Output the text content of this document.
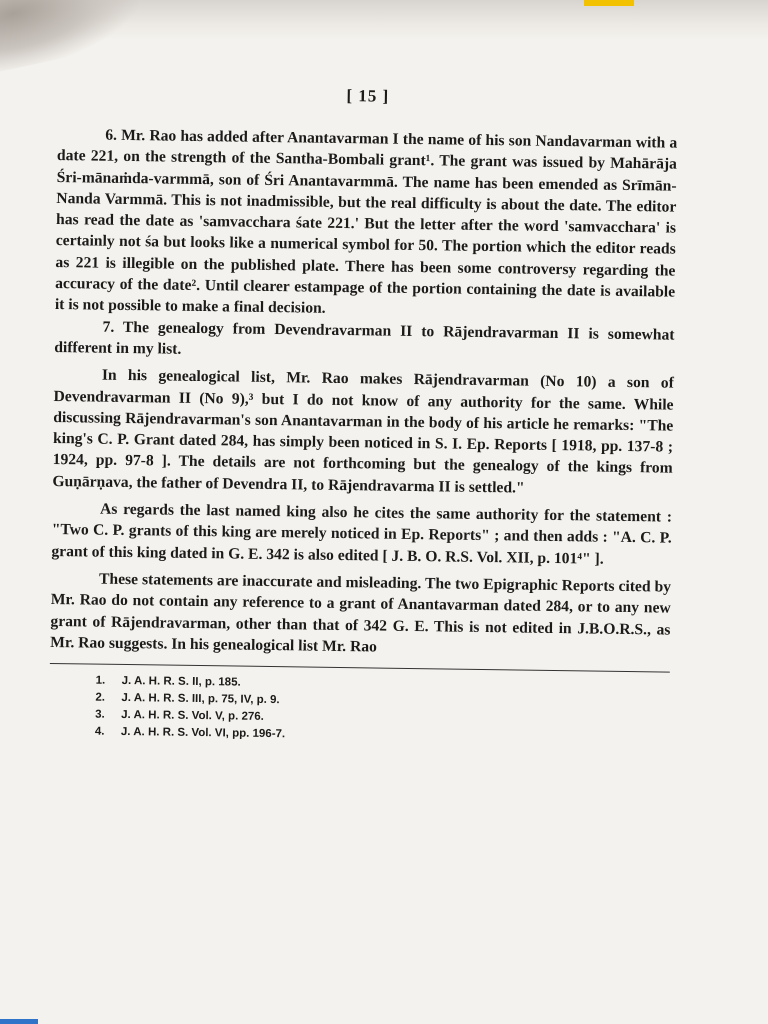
[ 15 ]

6. Mr. Rao has added after Anantavarman I the name of his son Nandavarman with a date 221, on the strength of the Santha-Bombali grant¹. The grant was issued by Mahārāja Śri-mānaṁda-varmmā, son of Śri Anantavarmmā. The name has been emended as Srīmān-Nanda Varmmā. This is not inadmissible, but the real difficulty is about the date. The editor has read the date as 'samvacchara śate 221.' But the letter after the word 'samvacchara' is certainly not śa but looks like a numerical symbol for 50. The portion which the editor reads as 221 is illegible on the published plate. There has been some controversy regarding the accuracy of the date². Until clearer estampage of the portion containing the date is available it is not possible to make a final decision.

7. The genealogy from Devendravarman II to Rājendravarman II is somewhat different in my list.

In his genealogical list, Mr. Rao makes Rājendravarman (No 10) a son of Devendravarman II (No 9),³ but I do not know of any authority for the same. While discussing Rājendravarman's son Anantavarman in the body of his article he remarks: "The king's C. P. Grant dated 284, has simply been noticed in S. I. Ep. Reports [ 1918, pp. 137-8 ; 1924, pp. 97-8 ]. The details are not forthcoming but the genealogy of the kings from Guṇārṇava, the father of Devendra II, to Rājendravarma II is settled."

As regards the last named king also he cites the same authority for the statement : "Two C. P. grants of this king are merely noticed in Ep. Reports" ; and then adds : "A. C. P. grant of this king dated in G. E. 342 is also edited [ J. B. O. R.S. Vol. XII, p. 101⁴" ].

These statements are inaccurate and misleading. The two Epigraphic Reports cited by Mr. Rao do not contain any reference to a grant of Anantavarman dated 284, or to any new grant of Rājendravarman, other than that of 342 G. E. This is not edited in J.B.O.R.S., as Mr. Rao suggests. In his genealogical list Mr. Rao

1.	J. A. H. R. S. II, p. 185.
2.	J. A. H. R. S. III, p. 75, IV, p. 9.
3.	J. A. H. R. S. Vol. V, p. 276.
4.	J. A. H. R. S. Vol. VI, pp. 196-7.
